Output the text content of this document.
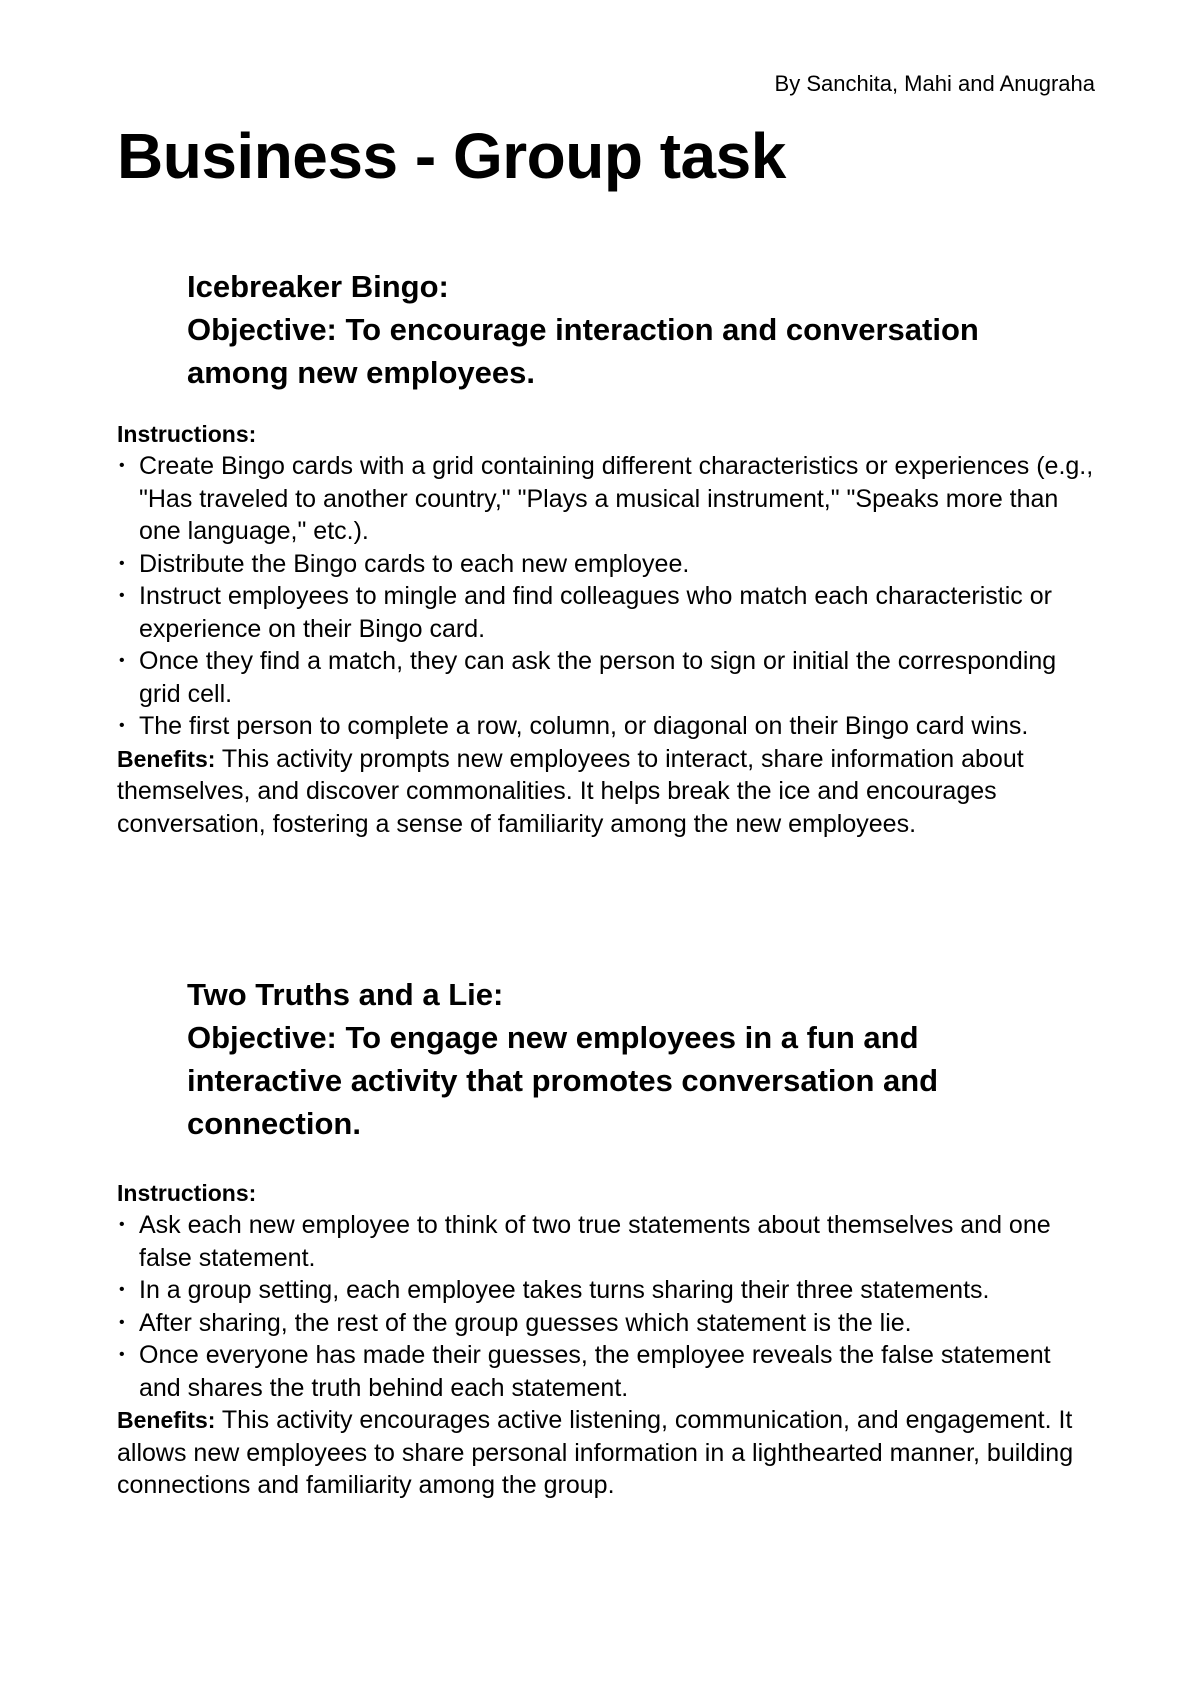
By Sanchita, Mahi and Anugraha
Business - Group task
Icebreaker Bingo:
Objective: To encourage interaction and conversation
among new employees.

Instructions:

• Create Bingo cards with a grid containing different characteristics or experiences (e.g., "Has traveled to another country," "Plays a musical instrument," "Speaks more than one language," etc.).
• Distribute the Bingo cards to each new employee.
• Instruct employees to mingle and find colleagues who match each characteristic or experience on their Bingo card.
• Once they find a match, they can ask the person to sign or initial the corresponding grid cell.
• The first person to complete a row, column, or diagonal on their Bingo card wins.

Benefits: This activity prompts new employees to interact, share information about themselves, and discover commonalities. It helps break the ice and encourages conversation, fostering a sense of familiarity among the new employees.

Two Truths and a Lie:
Objective: To engage new employees in a fun and
interactive activity that promotes conversation and
connection.

Instructions:

• Ask each new employee to think of two true statements about themselves and one false statement.
• In a group setting, each employee takes turns sharing their three statements.
• After sharing, the rest of the group guesses which statement is the lie.
• Once everyone has made their guesses, the employee reveals the false statement and shares the truth behind each statement.

Benefits: This activity encourages active listening, communication, and engagement. It allows new employees to share personal information in a lighthearted manner, building connections and familiarity among the group.
